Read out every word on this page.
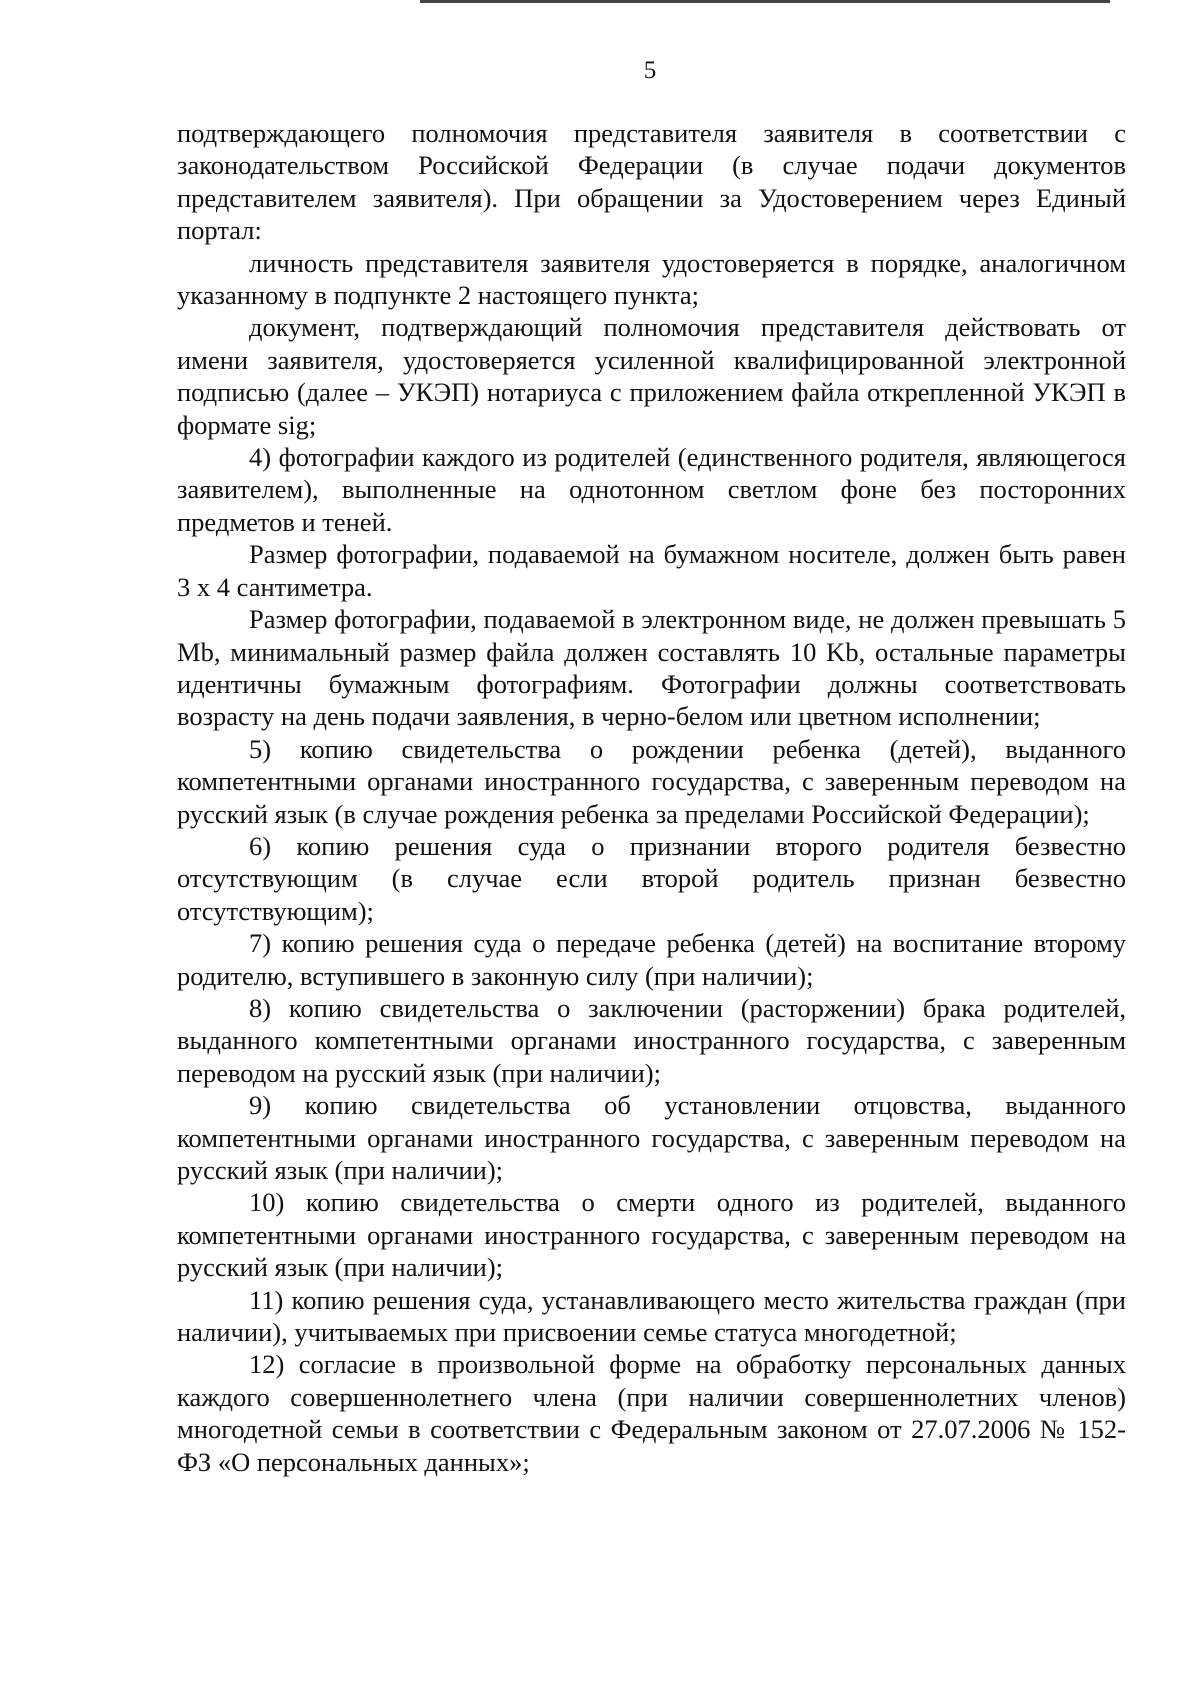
5

подтверждающего полномочия представителя заявителя в соответствии с законодательством Российской Федерации (в случае подачи документов представителем заявителя). При обращении за Удостоверением через Единый портал:

личность представителя заявителя удостоверяется в порядке, аналогичном указанному в подпункте 2 настоящего пункта;

документ, подтверждающий полномочия представителя действовать от имени заявителя, удостоверяется усиленной квалифицированной электронной подписью (далее – УКЭП) нотариуса с приложением файла открепленной УКЭП в формате sig;

4) фотографии каждого из родителей (единственного родителя, являющегося заявителем), выполненные на однотонном светлом фоне без посторонних предметов и теней.

Размер фотографии, подаваемой на бумажном носителе, должен быть равен 3 х 4 сантиметра.

Размер фотографии, подаваемой в электронном виде, не должен превышать 5 Mb, минимальный размер файла должен составлять 10 Kb, остальные параметры идентичны бумажным фотографиям. Фотографии должны соответствовать возрасту на день подачи заявления, в черно-белом или цветном исполнении;

5) копию свидетельства о рождении ребенка (детей), выданного компетентными органами иностранного государства, с заверенным переводом на русский язык (в случае рождения ребенка за пределами Российской Федерации);

6) копию решения суда о признании второго родителя безвестно отсутствующим (в случае если второй родитель признан безвестно отсутствующим);

7) копию решения суда о передаче ребенка (детей) на воспитание второму родителю, вступившего в законную силу (при наличии);

8) копию свидетельства о заключении (расторжении) брака родителей, выданного компетентными органами иностранного государства, с заверенным переводом на русский язык (при наличии);

9) копию свидетельства об установлении отцовства, выданного компетентными органами иностранного государства, с заверенным переводом на русский язык (при наличии);

10) копию свидетельства о смерти одного из родителей, выданного компетентными органами иностранного государства, с заверенным переводом на русский язык (при наличии);

11) копию решения суда, устанавливающего место жительства граждан (при наличии), учитываемых при присвоении семье статуса многодетной;

12) согласие в произвольной форме на обработку персональных данных каждого совершеннолетнего члена (при наличии совершеннолетних членов) многодетной семьи в соответствии с Федеральным законом от 27.07.2006 № 152-ФЗ «О персональных данных»;
